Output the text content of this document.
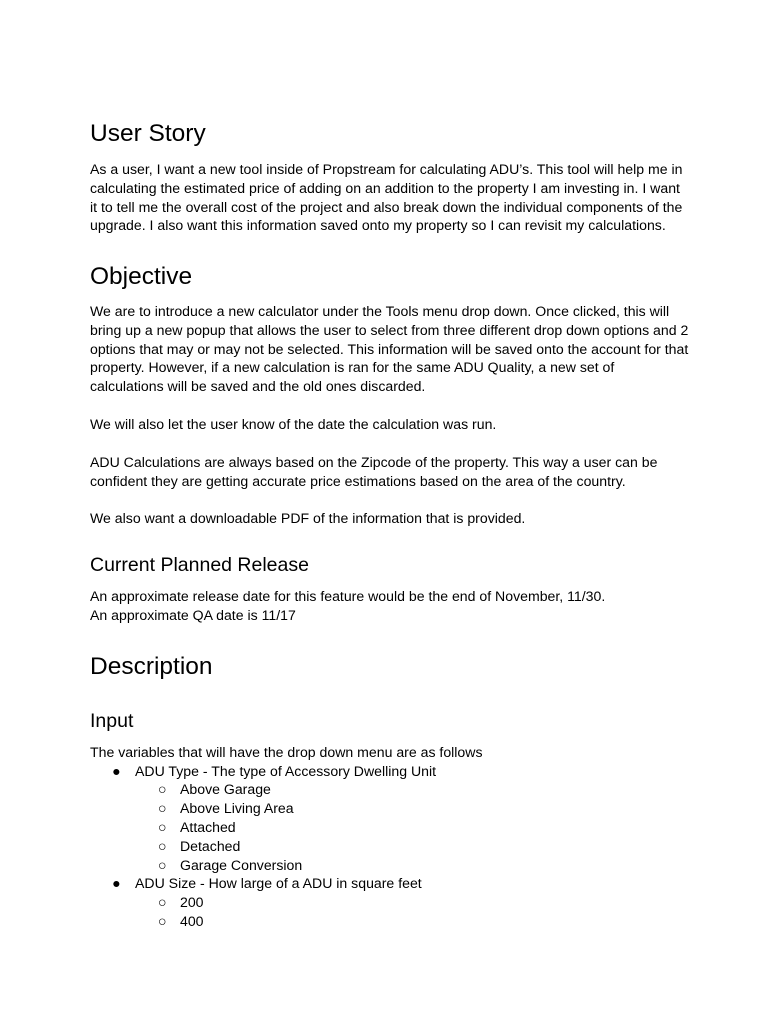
User Story

As a user, I want a new tool inside of Propstream for calculating ADU’s. This tool will help me in calculating the estimated price of adding on an addition to the property I am investing in. I want it to tell me the overall cost of the project and also break down the individual components of the upgrade. I also want this information saved onto my property so I can revisit my calculations.

Objective

We are to introduce a new calculator under the Tools menu drop down. Once clicked, this will bring up a new popup that allows the user to select from three different drop down options and 2 options that may or may not be selected. This information will be saved onto the account for that property. However, if a new calculation is ran for the same ADU Quality, a new set of calculations will be saved and the old ones discarded.

We will also let the user know of the date the calculation was run.

ADU Calculations are always based on the Zipcode of the property. This way a user can be confident they are getting accurate price estimations based on the area of the country.

We also want a downloadable PDF of the information that is provided.

Current Planned Release
An approximate release date for this feature would be the end of November, 11/30.
An approximate QA date is 11/17
Description
Input
The variables that will have the drop down menu are as follows
● ADU Type - The type of Accessory Dwelling Unit
○ Above Garage
○ Above Living Area
○ Attached
○ Detached
○ Garage Conversion
● ADU Size - How large of a ADU in square feet
○ 200
○ 400
